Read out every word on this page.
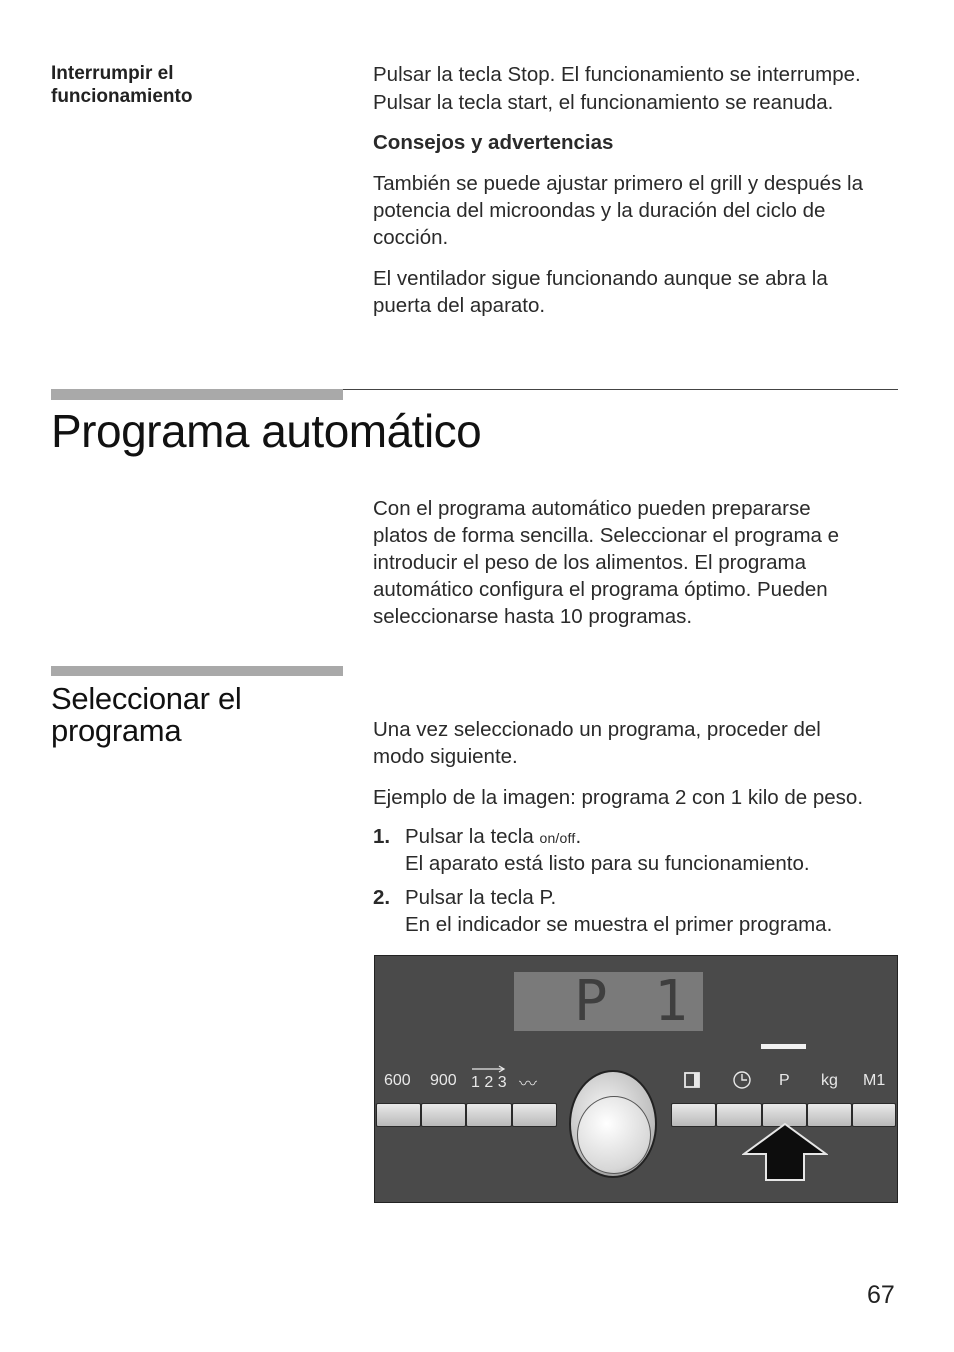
Interrumpir el
funcionamiento

Pulsar la tecla Stop. El funcionamiento se interrumpe.

Pulsar la tecla start, el funcionamiento se reanuda.

Consejos y advertencias

También se puede ajustar primero el grill y después la

potencia del microondas y la duración del ciclo de

cocción.

El ventilador sigue funcionando aunque se abra la

puerta del aparato.

Programa automático

Con el programa automático pueden prepararse

platos de forma sencilla. Seleccionar el programa e

introducir el peso de los alimentos. El programa

automático configura el programa óptimo. Pueden

seleccionarse hasta 10 programas.

Seleccionar el
programa	Una vez seleccionado un programa, proceder del

modo siguiente.

Ejemplo de la imagen: programa 2 con 1 kilo de peso.
1. Pulsar la tecla on/off.
El aparato está listo para su funcionamiento.
2. Pulsar la tecla P.
En el indicador se muestra el primer programa.
P 1
600 900 1 2 3 〰	P kg M1
67
